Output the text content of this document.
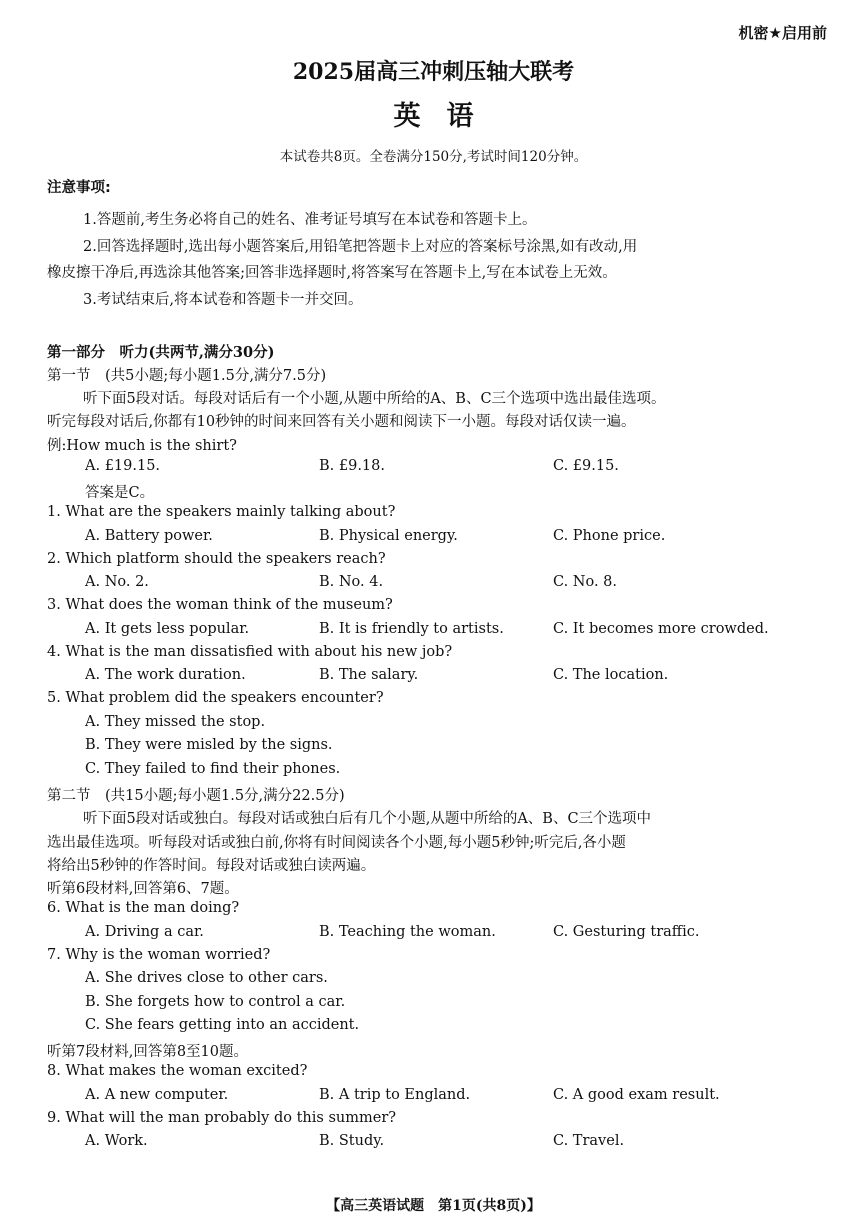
机密★启用前
2025届高三冲刺压轴大联考
英语
本试卷共8页。全卷满分150分,考试时间120分钟。
注意事项:
1.答题前,考生务必将自己的姓名、准考证号填写在本试卷和答题卡上。
2.回答选择题时,选出每小题答案后,用铅笔把答题卡上对应的答案标号涂黑,如有改动,用
橡皮擦干净后,再选涂其他答案;回答非选择题时,将答案写在答题卡上,写在本试卷上无效。
3.考试结束后,将本试卷和答题卡一并交回。
第一部分　听力(共两节,满分30分)
第一节　(共5小题;每小题1.5分,满分7.5分)
听下面5段对话。每段对话后有一个小题,从题中所给的A、B、C三个选项中选出最佳选项。
听完每段对话后,你都有10秒钟的时间来回答有关小题和阅读下一小题。每段对话仅读一遍。
例:How much is the shirt?
A. £19.15.	B. £9.18.	C. £9.15.
答案是C。
1. What are the speakers mainly talking about?
A. Battery power.	B. Physical energy.	C. Phone price.
2. Which platform should the speakers reach?
A. No. 2.	B. No. 4.	C. No. 8.
3. What does the woman think of the museum?
A. It gets less popular.	B. It is friendly to artists.	C. It becomes more crowded.
4. What is the man dissatisfied with about his new job?
A. The work duration.	B. The salary.	C. The location.
5. What problem did the speakers encounter?
A. They missed the stop.
B. They were misled by the signs.
C. They failed to find their phones.
第二节　(共15小题;每小题1.5分,满分22.5分)
听下面5段对话或独白。每段对话或独白后有几个小题,从题中所给的A、B、C三个选项中
选出最佳选项。听每段对话或独白前,你将有时间阅读各个小题,每小题5秒钟;听完后,各小题
将给出5秒钟的作答时间。每段对话或独白读两遍。
听第6段材料,回答第6、7题。
6. What is the man doing?
A. Driving a car.	B. Teaching the woman.	C. Gesturing traffic.
7. Why is the woman worried?
A. She drives close to other cars.
B. She forgets how to control a car.
C. She fears getting into an accident.
听第7段材料,回答第8至10题。
8. What makes the woman excited?
A. A new computer.	B. A trip to England.	C. A good exam result.
9. What will the man probably do this summer?
A. Work.	B. Study.	C. Travel.
【高三英语试题　第1页(共8页)】
